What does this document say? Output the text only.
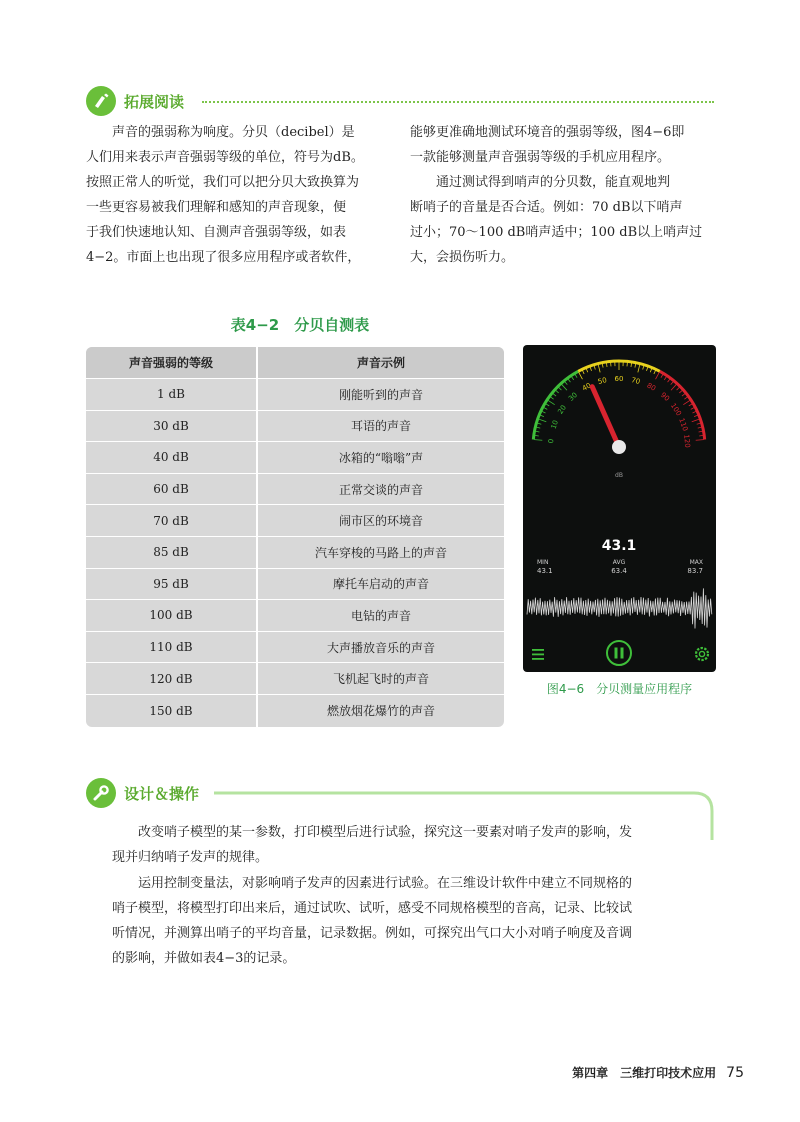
拓展阅读

声音的强弱称为响度。分贝（decibel）是

人们用来表示声音强弱等级的单位，符号为dB。

按照正常人的听觉，我们可以把分贝大致换算为

一些更容易被我们理解和感知的声音现象，便

于我们快速地认知、自测声音强弱等级，如表

4−2。市面上也出现了很多应用程序或者软件，

能够更准确地测试环境音的强弱等级，图4−6即

一款能够测量声音强弱等级的手机应用程序。

通过测试得到哨声的分贝数，能直观地判

断哨子的音量是否合适。例如：70 dB以下哨声

过小；70～100 dB哨声适中；100 dB以上哨声过

大，会损伤听力。

表4−2　分贝自测表
声音强弱的等级	声音示例
1 dB	刚能听到的声音
30 dB	耳语的声音
40 dB	冰箱的“嗡嗡”声
60 dB	正常交谈的声音
70 dB	闹市区的环境音
85 dB	汽车穿梭的马路上的声音
95 dB	摩托车启动的声音
100 dB	电钻的声音
110 dB	大声播放音乐的声音
120 dB	飞机起飞时的声音
150 dB	燃放烟花爆竹的声音
0
10
20
30
40
50 60 70
80
90
100
110
120
dB
43.1
MIN
43.1
AVG
63.4
MAX
83.7
图4−6　分贝测量应用程序
设计＆操作

改变哨子模型的某一参数，打印模型后进行试验，探究这一要素对哨子发声的影响，发

现并归纳哨子发声的规律。

运用控制变量法，对影响哨子发声的因素进行试验。在三维设计软件中建立不同规格的

哨子模型，将模型打印出来后，通过试吹、试听，感受不同规格模型的音高，记录、比较试

听情况，并测算出哨子的平均音量，记录数据。例如，可探究出气口大小对哨子响度及音调

的影响，并做如表4−3的记录。

第四章　三维打印技术应用 75
